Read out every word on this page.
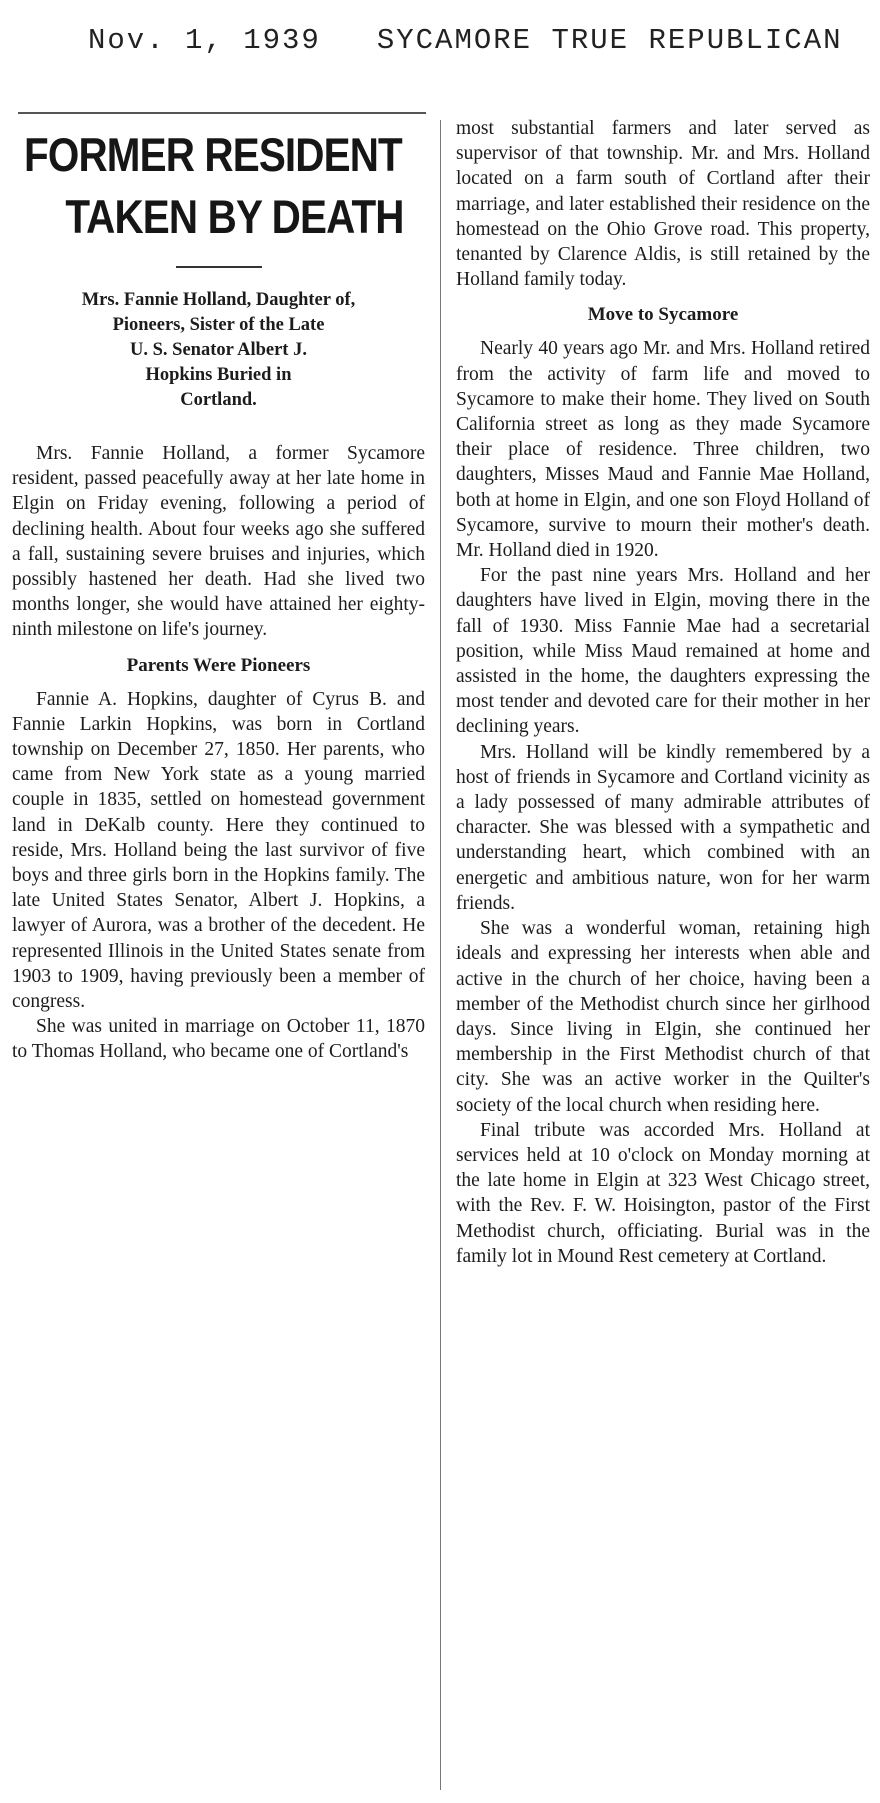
Nov. 1, 1939 SYCAMORE TRUE REPUBLICAN
FORMER RESIDENT
TAKEN BY DEATH
Mrs. Fannie Holland, Daughter of,
Pioneers, Sister of the Late
U. S. Senator Albert J.
Hopkins Buried in
Cortland.

Mrs. Fannie Holland, a former Sycamore resident, passed peacefully away at her late home in Elgin on Friday evening, following a period of declining health. About four weeks ago she suffered a fall, sustaining severe bruises and injuries, which possibly hastened her death. Had she lived two months longer, she would have attained her eighty-ninth milestone on life's journey.

Parents Were Pioneers

Fannie A. Hopkins, daughter of Cyrus B. and Fannie Larkin Hopkins, was born in Cortland township on December 27, 1850. Her parents, who came from New York state as a young married couple in 1835, settled on homestead government land in DeKalb county. Here they continued to reside, Mrs. Holland being the last survivor of five boys and three girls born in the Hopkins family. The late United States Senator, Albert J. Hopkins, a lawyer of Aurora, was a brother of the decedent. He represented Illinois in the United States senate from 1903 to 1909, having previously been a member of congress.

She was united in marriage on October 11, 1870 to Thomas Holland, who became one of Cortland's

most substantial farmers and later served as supervisor of that township. Mr. and Mrs. Holland located on a farm south of Cortland after their marriage, and later established their residence on the homestead on the Ohio Grove road. This property, tenanted by Clarence Aldis, is still retained by the Holland family today.

Move to Sycamore

Nearly 40 years ago Mr. and Mrs. Holland retired from the activity of farm life and moved to Sycamore to make their home. They lived on South California street as long as they made Sycamore their place of residence. Three children, two daughters, Misses Maud and Fannie Mae Holland, both at home in Elgin, and one son Floyd Holland of Sycamore, survive to mourn their mother's death. Mr. Holland died in 1920.

For the past nine years Mrs. Holland and her daughters have lived in Elgin, moving there in the fall of 1930. Miss Fannie Mae had a secretarial position, while Miss Maud remained at home and assisted in the home, the daughters expressing the most tender and devoted care for their mother in her declining years.

Mrs. Holland will be kindly remembered by a host of friends in Sycamore and Cortland vicinity as a lady possessed of many admirable attributes of character. She was blessed with a sympathetic and understanding heart, which combined with an energetic and ambitious nature, won for her warm friends.

She was a wonderful woman, retaining high ideals and expressing her interests when able and active in the church of her choice, having been a member of the Methodist church since her girlhood days. Since living in Elgin, she continued her membership in the First Methodist church of that city. She was an active worker in the Quilter's society of the local church when residing here.

Final tribute was accorded Mrs. Holland at services held at 10 o'clock on Monday morning at the late home in Elgin at 323 West Chicago street, with the Rev. F. W. Hoisington, pastor of the First Methodist church, officiating. Burial was in the family lot in Mound Rest cemetery at Cortland.
